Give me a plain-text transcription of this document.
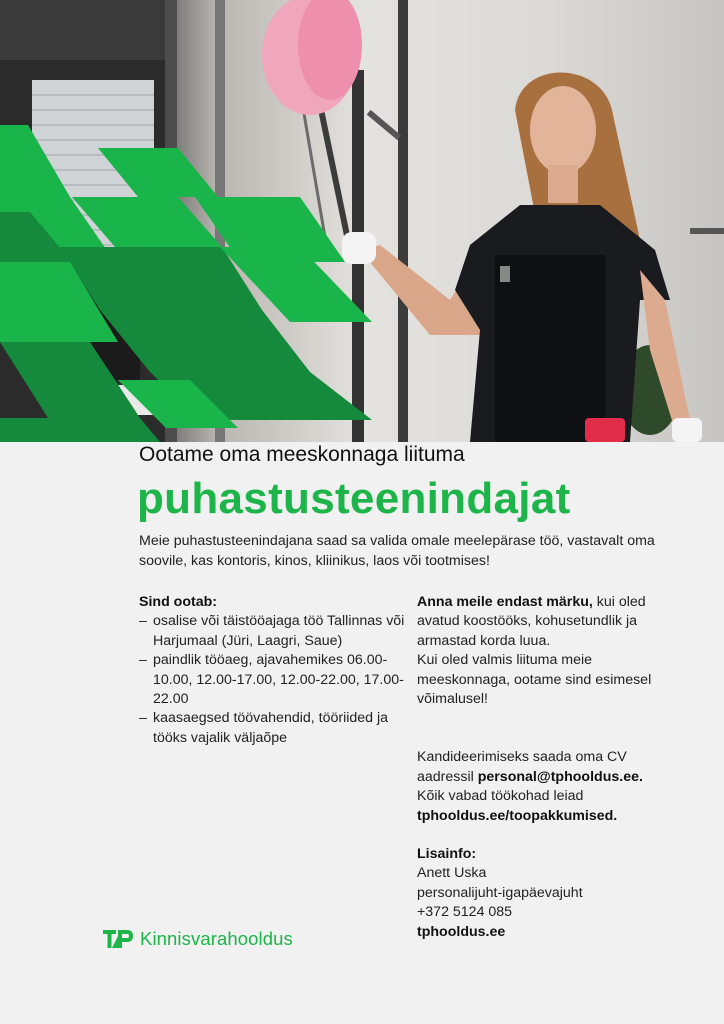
Ootame oma meeskonnaga liituma
puhastusteenindajat
Meie puhastusteenindajana saad sa valida omale meelepärase töö, vastavalt oma soovile, kas kontoris, kinos, kliinikus, laos või tootmises!
Sind ootab:
– osalise või täistööajaga töö Tallinnas või Harjumaal (Jüri, Laagri, Saue)
– paindlik tööaeg, ajavahemikes 06.00-10.00, 12.00-17.00, 12.00-22.00, 17.00-22.00
– kaasaegsed töövahendid, tööriided ja tööks vajalik väljaõpe
Anna meile endast märku, kui oled avatud koostööks, kohusetundlik ja armastad korda luua.
Kui oled valmis liituma meie meeskonnaga, ootame sind esimesel võimalusel!
Kandideerimiseks saada oma CV aadressil personal@tphooldus.ee.
Kõik vabad töökohad leiad
tphooldus.ee/toopakkumised.
Lisainfo:
Anett Uska
personalijuht-igapäevajuht
+372 5124 085
tphooldus.ee
Kinnisvarahooldus
